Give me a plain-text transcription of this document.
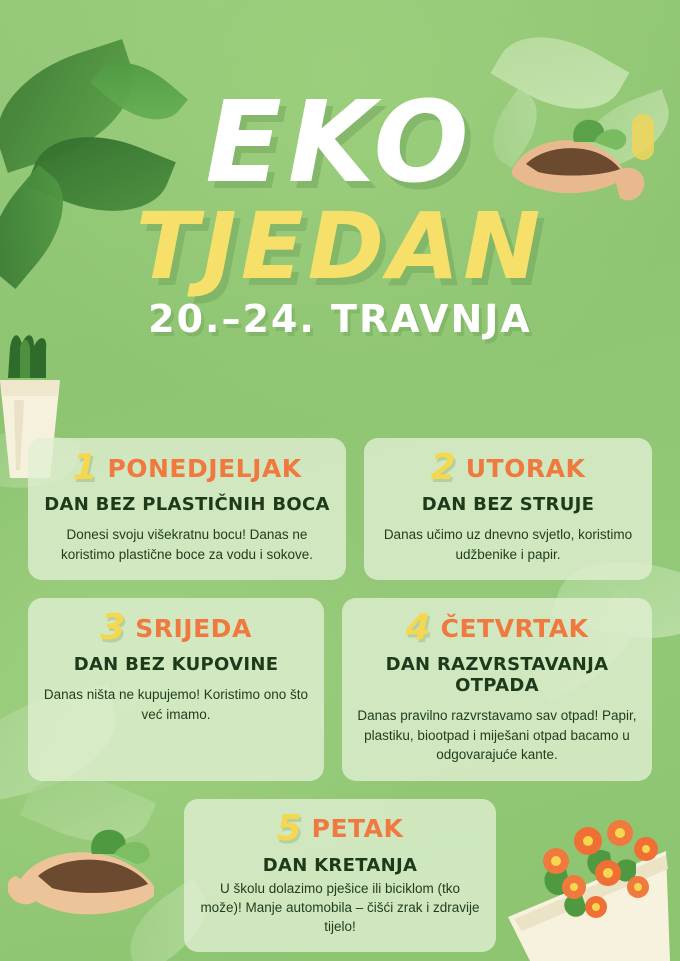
EKO
TJEDAN
20.–24. TRAVNJA
1 PONEDJELJAK
DAN BEZ PLASTIČNIH BOCA

Donesi svoju višekratnu bocu! Danas ne koristimo plastične boce za vodu i sokove.

2 UTORAK
DAN BEZ STRUJE

Danas učimo uz dnevno svjetlo, koristimo udžbenike i papir.

3 SRIJEDA
DAN BEZ KUPOVINE

Danas ništa ne kupujemo! Koristimo ono što već imamo.

4 ČETVRTAK
DAN RAZVRSTAVANJA OTPADA

Danas pravilno razvrstavamo sav otpad! Papir, plastiku, biootpad i miješani otpad bacamo u odgovarajuće kante.

5 PETAK
DAN KRETANJA

U školu dolazimo pješice ili biciklom (tko može)! Manje automobila – čišći zrak i zdravije tijelo!
